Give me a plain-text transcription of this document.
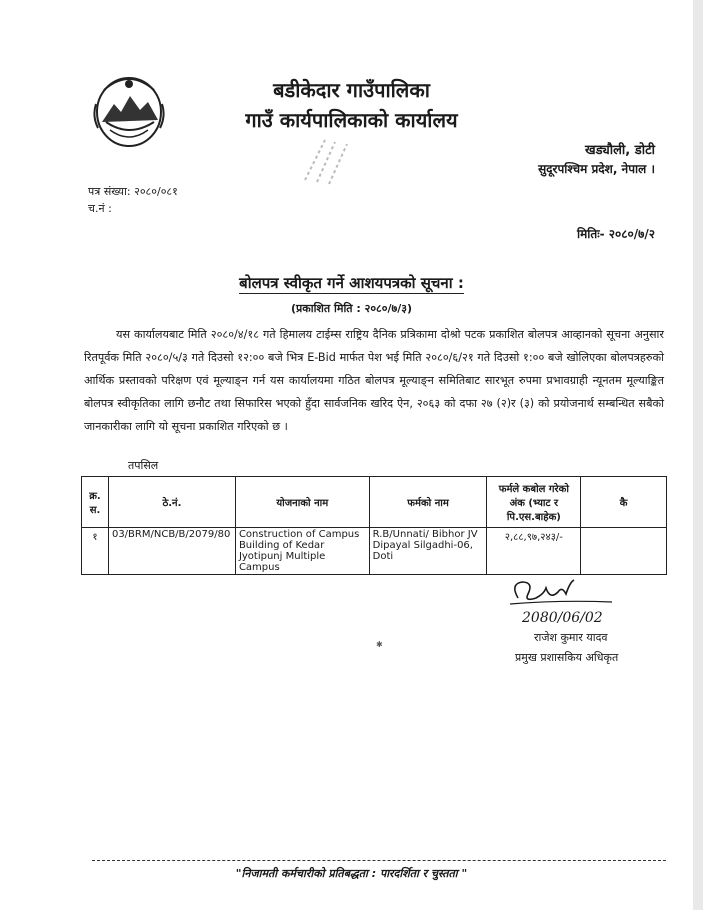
बडीकेदार गाउँपालिका
गाउँ कार्यपालिकाको कार्यालय
खड्यौली, डोटी
सुदूरपश्चिम प्रदेश, नेपाल ।
पत्र संख्या: २०८०/०८१
च.नं :
मितिः- २०८०/७/२
बोलपत्र स्वीकृत गर्ने आशयपत्रको सूचना :
(प्रकाशित मिति : २०८०/७/३)
यस कार्यालयबाट मिति २०८०/४/१८ गते हिमालय टाईम्स राष्ट्रिय दैनिक प्रत्रिकामा दोश्रो पटक प्रकाशित बोलपत्र आव्हानको सूचना अनुसार रितपूर्वक मिति २०८०/५/३ गते दिउसो १२:०० बजे भित्र E-Bid मार्फत पेश भई मिति २०८०/६/२१ गते दिउसो १:०० बजे खोलिएका बोलपत्रहरुको आर्थिक प्रस्तावको परिक्षण एवं मूल्याङ्न गर्न यस कार्यालयमा गठित बोलपत्र मूल्याङ्न समितिबाट सारभूत रुपमा प्रभावग्राही न्यूनतम मूल्याङ्कित बोलपत्र स्वीकृतिका लागि छनौट तथा सिफारिस भएको हुँदा सार्वजनिक खरिद ऐन, २०६३ को दफा २७ (२)र (३) को प्रयोजनार्थ सम्बन्धित सबैको जानकारीका लागि यो सूचना प्रकाशित गरिएको छ ।
तपसिल
क्र. स.	ठे.नं.	योजनाको नाम	फर्मको नाम	फर्मले कबोल गरेको अंक (भ्याट र पि.एस.बाहेक)	कै
१	03/BRM/NCB/B/2079/80	Construction of Campus Building of Kedar Jyotipunj Multiple Campus	R.B/Unnati/ Bibhor JV Dipayal Silgadhi-06, Doti	२,८८,९७,२४३/-	
2080/06/02
राजेश कुमार यादव
प्रमुख प्रशासकिय अधिकृत
✱
"निजामती कर्मचारीको प्रतिबद्धता : पारदर्शिता र चुस्तता "
